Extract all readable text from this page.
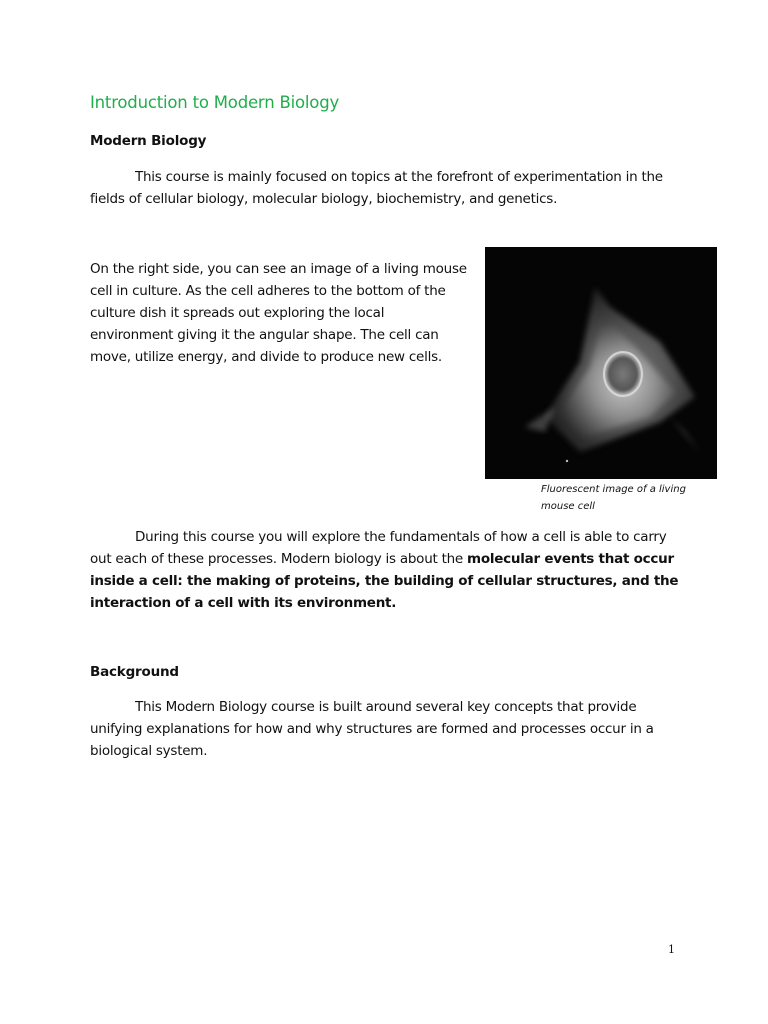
Introduction to Modern Biology
Modern Biology

This course is mainly focused on topics at the forefront of experimentation in the fields of cellular biology, molecular biology, biochemistry, and genetics.

On the right side, you can see an image of a living mouse cell in culture. As the cell adheres to the bottom of the culture dish it spreads out exploring the local environment giving it the angular shape. The cell can move, utilize energy, and divide to produce new cells.

Fluorescent image of a living mouse cell

During this course you will explore the fundamentals of how a cell is able to carry out each of these processes. Modern biology is about the molecular events that occur inside a cell: the making of proteins, the building of cellular structures, and the interaction of a cell with its environment.

Background

This Modern Biology course is built around several key concepts that provide unifying explanations for how and why structures are formed and processes occur in a biological system.

1
